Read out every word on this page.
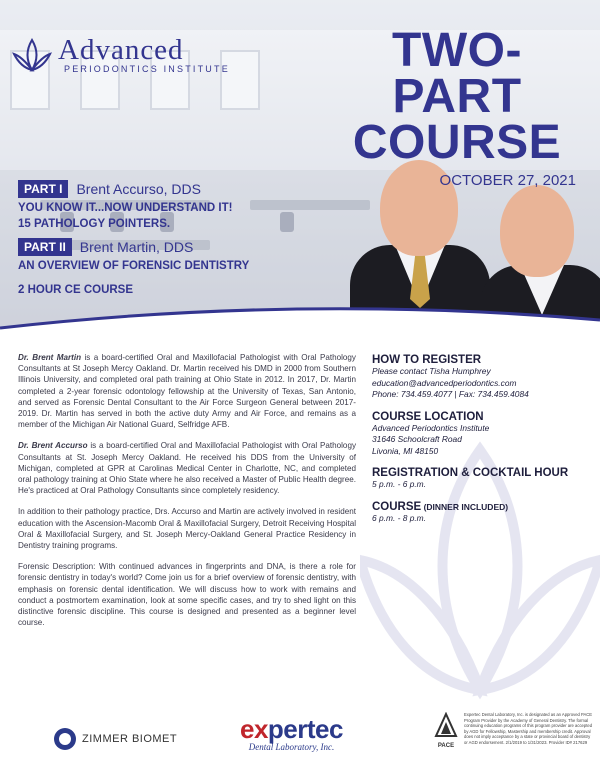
Advanced
PERIODONTICS INSTITUTE	TWO-PART
COURSE
OCTOBER 27, 2021
PART I	Brent Accurso, DDS
YOU KNOW IT...NOW UNDERSTAND IT!
15 PATHOLOGY POINTERS.
PART II	Brent Martin, DDS
AN OVERVIEW OF FORENSIC DENTISTRY
2 HOUR CE COURSE

Dr. Brent Martin is a board-certified Oral and Maxillofacial Pathologist with Oral Pathology Consultants at St Joseph Mercy Oakland. Dr. Martin received his DMD in 2000 from Southern Illinois University, and completed oral path training at Ohio State in 2012. In 2017, Dr. Martin completed a 2-year forensic odontology fellowship at the University of Texas, San Antonio, and served as Forensic Dental Consultant to the Air Force Surgeon General between 2017-2019. Dr. Martin has served in both the active duty Army and Air Force, and remains as a member of the Michigan Air National Guard, Selfridge AFB.

Dr. Brent Accurso is a board-certified Oral and Maxillofacial Pathologist with Oral Pathology Consultants at St. Joseph Mercy Oakland. He received his DDS from the University of Michigan, completed at GPR at Carolinas Medical Center in Charlotte, NC, and completed oral pathology training at Ohio State where he also received a Master of Public Health degree. He's practiced at Oral Pathology Consultants since completely residency.

In addition to their pathology practice, Drs. Accurso and Martin are actively involved in resident education with the Ascension-Macomb Oral & Maxillofacial Surgery, Detroit Receiving Hospital Oral & Maxillofacial Surgery, and St. Joseph Mercy-Oakland General Practice Residency in Dentistry training programs.

Forensic Description: With continued advances in fingerprints and DNA, is there a role for forensic dentistry in today's world? Come join us for a brief overview of forensic dentistry, with emphasis on forensic dental identification. We will discuss how to work with remains and conduct a postmortem examination, look at some specific cases, and try to shed light on this distinctive forensic discipline. This course is designed and presented as a beginner level course.

HOW TO REGISTER
Please contact Tisha Humphrey
education@advancedperiodontics.com
Phone: 734.459.4077 | Fax: 734.459.4084
COURSE LOCATION
Advanced Periodontics Institute
31646 Schoolcraft Road
Livonia, MI 48150
REGISTRATION & COCKTAIL HOUR
5 p.m. - 6 p.m.
COURSE (DINNER INCLUDED)
6 p.m. - 8 p.m.
ZIMMER BIOMET expertec
Dental Laboratory, Inc.	PACE
Expertec Dental Laboratory, Inc. is designated as an Approved PACE Program Provider by the Academy of General Dentistry. The formal continuing education programs of this program provider are accepted by AGD for Fellowship, Mastership and membership credit. Approval does not imply acceptance by a state or provincial board of dentistry or AGD endorsement. 2/1/2019 to 1/31/2023. Provider ID# 217629
